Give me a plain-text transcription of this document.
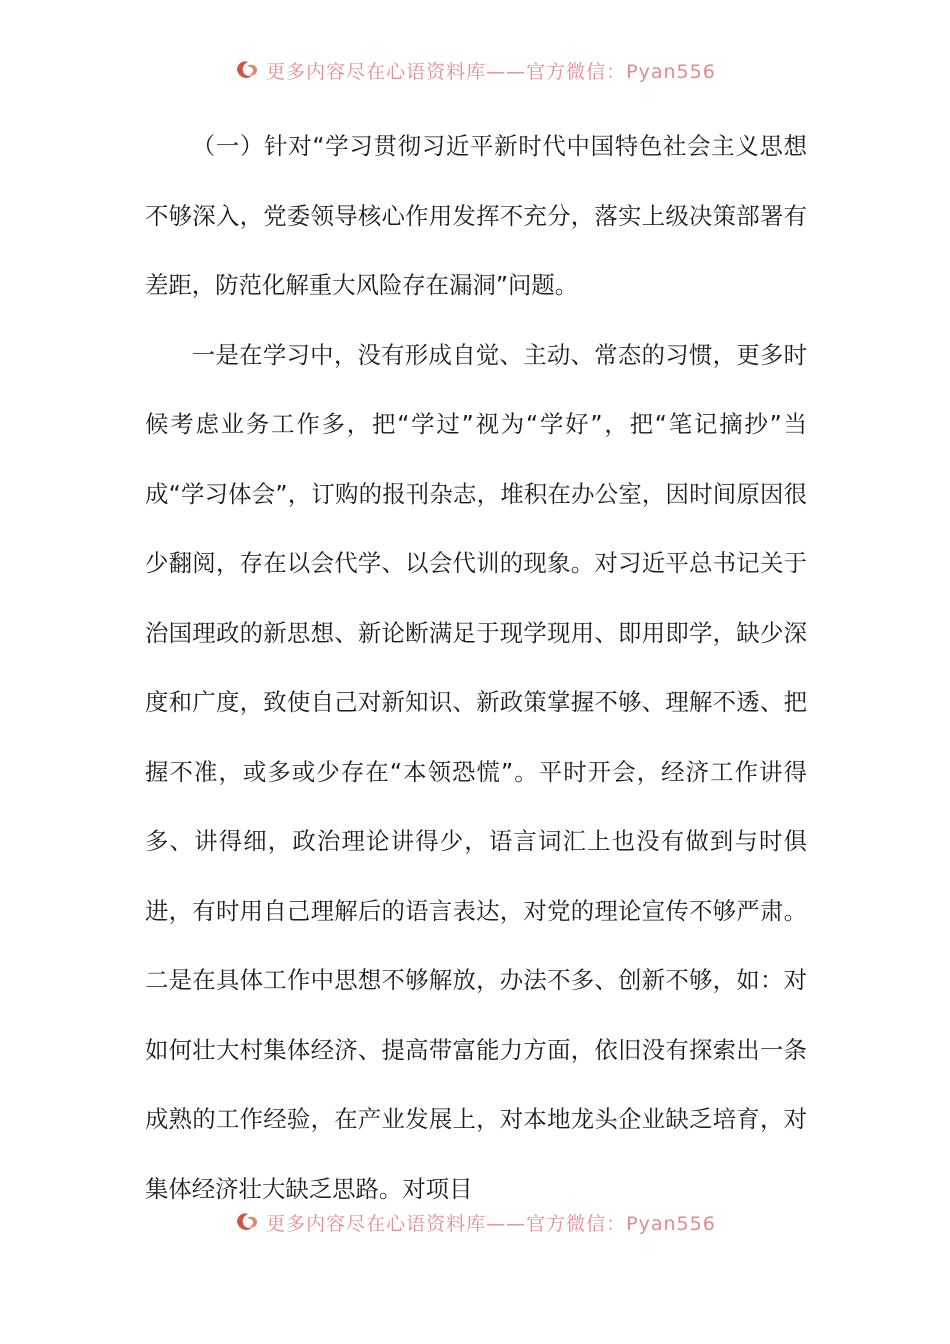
更多内容尽在心语资料库——官方微信：Pyan556

（一）针对“学习贯彻习近平新时代中国特色社会主义思想不够深入，党委领导核心作用发挥不充分，落实上级决策部署有差距，防范化解重大风险存在漏洞”问题。

一是在学习中，没有形成自觉、主动、常态的习惯，更多时候考虑业务工作多，把“学过”视为“学好”，把“笔记摘抄”当成“学习体会”，订购的报刊杂志，堆积在办公室，因时间原因很少翻阅，存在以会代学、以会代训的现象。对习近平总书记关于治国理政的新思想、新论断满足于现学现用、即用即学，缺少深度和广度，致使自己对新知识、新政策掌握不够、理解不透、把握不准，或多或少存在“本领恐慌”。平时开会，经济工作讲得多、讲得细，政治理论讲得少，语言词汇上也没有做到与时俱进，有时用自己理解后的语言表达，对党的理论宣传不够严肃。二是在具体工作中思想不够解放，办法不多、创新不够，如：对如何壮大村集体经济、提高带富能力方面，依旧没有探索出一条成熟的工作经验，在产业发展上，对本地龙头企业缺乏培育，对集体经济壮大缺乏思路。对项目

更多内容尽在心语资料库——官方微信：Pyan556
